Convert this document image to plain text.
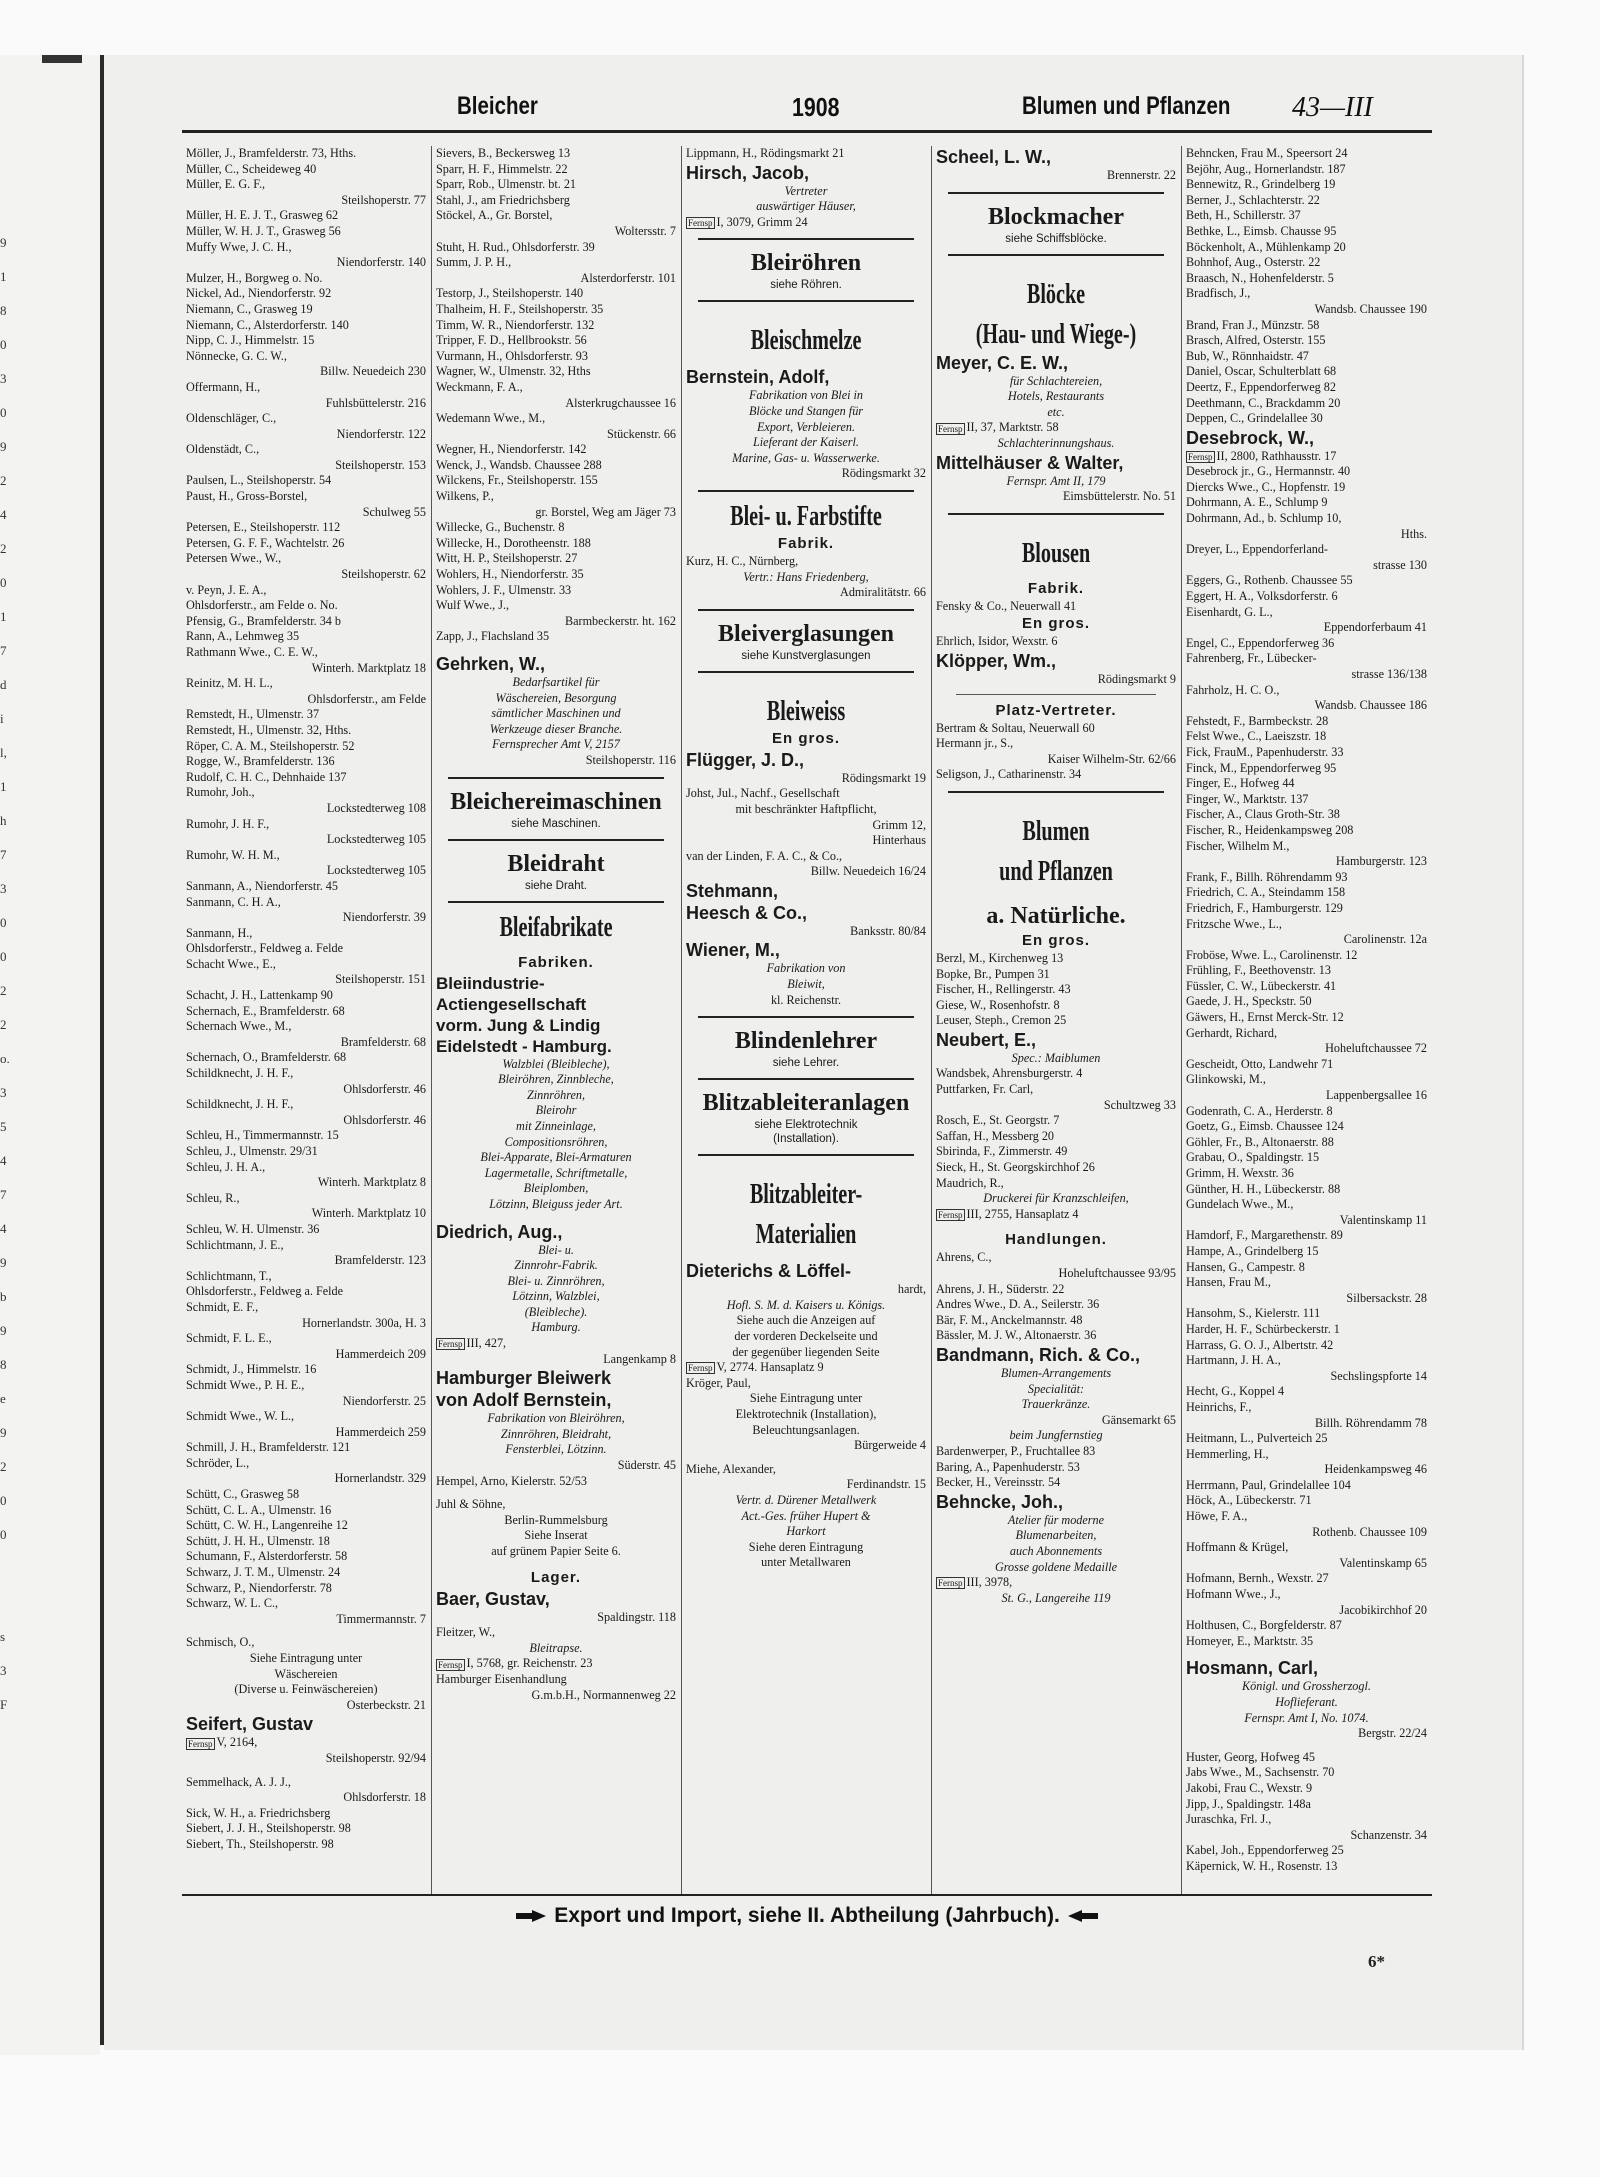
9
1
8
0
3
0
9
2
4
2
0
1
7
d
i
l,
1
h
7
3
0
0
2
2
o.
3
5
4
7
4
9
b
9
8
e
9
2
0
0
s
3
F
Bleicher	1908	Blumen und Pflanzen 43—III
Möller, J., Bramfelderstr. 73, Hths.
Müller, C., Scheideweg 40
Müller, E. G. F.,
Steilshoperstr. 77
Müller, H. E. J. T., Grasweg 62
Müller, W. H. J. T., Grasweg 56
Muffy Wwe, J. C. H.,
Niendorferstr. 140
Mulzer, H., Borgweg o. No.
Nickel, Ad., Niendorferstr. 92
Niemann, C., Grasweg 19
Niemann, C., Alsterdorferstr. 140
Nipp, C. J., Himmelstr. 15
Nönnecke, G. C. W.,
Billw. Neuedeich 230
Offermann, H.,
Fuhlsbüttelerstr. 216
Oldenschläger, C.,
Niendorferstr. 122
Oldenstädt, C.,
Steilshoperstr. 153
Paulsen, L., Steilshoperstr. 54
Paust, H., Gross-Borstel,
Schulweg 55
Petersen, E., Steilshoperstr. 112
Petersen, G. F. F., Wachtelstr. 26
Petersen Wwe., W.,
Steilshoperstr. 62
v. Peyn, J. E. A.,
Ohlsdorferstr., am Felde o. No.
Pfensig, G., Bramfelderstr. 34 b
Rann, A., Lehmweg 35
Rathmann Wwe., C. E. W.,
Winterh. Marktplatz 18
Reinitz, M. H. L.,
Ohlsdorferstr., am Felde
Remstedt, H., Ulmenstr. 37
Remstedt, H., Ulmenstr. 32, Hths.
Röper, C. A. M., Steilshoperstr. 52
Rogge, W., Bramfelderstr. 136
Rudolf, C. H. C., Dehnhaide 137
Rumohr, Joh.,
Lockstedterweg 108
Rumohr, J. H. F.,
Lockstedterweg 105
Rumohr, W. H. M.,
Lockstedterweg 105
Sanmann, A., Niendorferstr. 45
Sanmann, C. H. A.,
Niendorferstr. 39
Sanmann, H.,
Ohlsdorferstr., Feldweg a. Felde
Schacht Wwe., E.,
Steilshoperstr. 151
Schacht, J. H., Lattenkamp 90
Schernach, E., Bramfelderstr. 68
Schernach Wwe., M.,
Bramfelderstr. 68
Schernach, O., Bramfelderstr. 68
Schildknecht, J. H. F.,
Ohlsdorferstr. 46
Schildknecht, J. H. F.,
Ohlsdorferstr. 46
Schleu, H., Timmermannstr. 15
Schleu, J., Ulmenstr. 29/31
Schleu, J. H. A.,
Winterh. Marktplatz 8
Schleu, R.,
Winterh. Marktplatz 10
Schleu, W. H. Ulmenstr. 36
Schlichtmann, J. E.,
Bramfelderstr. 123
Schlichtmann, T.,
Ohlsdorferstr., Feldweg a. Felde
Schmidt, E. F.,
Hornerlandstr. 300a, H. 3
Schmidt, F. L. E.,
Hammerdeich 209
Schmidt, J., Himmelstr. 16
Schmidt Wwe., P. H. E.,
Niendorferstr. 25
Schmidt Wwe., W. L.,
Hammerdeich 259
Schmill, J. H., Bramfelderstr. 121
Schröder, L.,
Hornerlandstr. 329
Schütt, C., Grasweg 58
Schütt, C. L. A., Ulmenstr. 16
Schütt, C. W. H., Langenreihe 12
Schütt, J. H. H., Ulmenstr. 18
Schumann, F., Alsterdorferstr. 58
Schwarz, J. T. M., Ulmenstr. 24
Schwarz, P., Niendorferstr. 78
Schwarz, W. L. C.,
Timmermannstr. 7
Schmisch, O.,
Siehe Eintragung unter
Wäschereien
(Diverse u. Feinwäschereien)
Osterbeckstr. 21
Seifert, Gustav
Fernsp V, 2164,
Steilshoperstr. 92/94
Semmelhack, A. J. J.,
Ohlsdorferstr. 18
Sick, W. H., a. Friedrichsberg
Siebert, J. J. H., Steilshoperstr. 98
Siebert, Th., Steilshoperstr. 98
Sievers, B., Beckersweg 13
Sparr, H. F., Himmelstr. 22
Sparr, Rob., Ulmenstr. bt. 21
Stahl, J., am Friedrichsberg
Stöckel, A., Gr. Borstel,
Woltersstr. 7
Stuht, H. Rud., Ohlsdorferstr. 39
Summ, J. P. H.,
Alsterdorferstr. 101
Testorp, J., Steilshoperstr. 140
Thalheim, H. F., Steilshoperstr. 35
Timm, W. R., Niendorferstr. 132
Tripper, F. D., Hellbrookstr. 56
Vurmann, H., Ohlsdorferstr. 93
Wagner, W., Ulmenstr. 32, Hths
Weckmann, F. A.,
Alsterkrugchaussee 16
Wedemann Wwe., M.,
Stückenstr. 66
Wegner, H., Niendorferstr. 142
Wenck, J., Wandsb. Chaussee 288
Wilckens, Fr., Steilshoperstr. 155
Wilkens, P.,
gr. Borstel, Weg am Jäger 73
Willecke, G., Buchenstr. 8
Willecke, H., Dorotheenstr. 188
Witt, H. P., Steilshoperstr. 27
Wohlers, H., Niendorferstr. 35
Wohlers, J. F., Ulmenstr. 33
Wulf Wwe., J.,
Barmbeckerstr. ht. 162
Zapp, J., Flachsland 35
Gehrken, W.,
Bedarfsartikel für
Wäschereien, Besorgung
sämtlicher Maschinen und
Werkzeuge dieser Branche.
Fernsprecher Amt V, 2157
Steilshoperstr. 116
Bleichereimaschinen
siehe Maschinen.
Bleidraht
siehe Draht.
Bleifabrikate
Fabriken.
Bleiindustrie-
Actiengesellschaft
vorm. Jung & Lindig
Eidelstedt - Hamburg.
Walzblei (Bleibleche),
Bleiröhren, Zinnbleche,
Zinnröhren,
Bleirohr
mit Zinneinlage,
Compositionsröhren,
Blei-Apparate, Blei-Armaturen
Lagermetalle, Schriftmetalle,
Bleiplomben,
Lötzinn, Bleiguss jeder Art.
Diedrich, Aug.,
Blei- u.
Zinnrohr-Fabrik.
Blei- u. Zinnröhren,
Lötzinn, Walzblei,
(Bleibleche).
Hamburg.
Fernsp III, 427,
Langenkamp 8
Hamburger Bleiwerk
von Adolf Bernstein,
Fabrikation von Bleiröhren,
Zinnröhren, Bleidraht,
Fensterblei, Lötzinn.
Süderstr. 45
Hempel, Arno, Kielerstr. 52/53
Juhl & Söhne,
Berlin-Rummelsburg
Siehe Inserat
auf grünem Papier Seite 6.
Lager.
Baer, Gustav,
Spaldingstr. 118
Fleitzer, W.,
Bleitrapse.
Fernsp I, 5768, gr. Reichenstr. 23
Hamburger Eisenhandlung
G.m.b.H., Normannenweg 22
Lippmann, H., Rödingsmarkt 21
Hirsch, Jacob,
Vertreter
auswärtiger Häuser,
Fernsp I, 3079, Grimm 24
Bleiröhren
siehe Röhren.
Bleischmelze
Bernstein, Adolf,
Fabrikation von Blei in
Blöcke und Stangen für
Export, Verbleieren.
Lieferant der Kaiserl.
Marine, Gas- u. Wasserwerke.
Rödingsmarkt 32
Blei- u. Farbstifte
Fabrik.
Kurz, H. C., Nürnberg,
Vertr.: Hans Friedenberg,
Admiralitätstr. 66
Bleiverglasungen
siehe Kunstverglasungen
Bleiweiss
En gros.
Flügger, J. D.,
Rödingsmarkt 19
Johst, Jul., Nachf., Gesellschaft
mit beschränkter Haftpflicht,
Grimm 12,
Hinterhaus
van der Linden, F. A. C., & Co.,
Billw. Neuedeich 16/24
Stehmann,
Heesch & Co.,
Banksstr. 80/84
Wiener, M.,
Fabrikation von
Bleiwit,
kl. Reichenstr.
Blindenlehrer
siehe Lehrer.
Blitzableiteranlagen
siehe Elektrotechnik
(Installation).
Blitzableiter-
Materialien
Dieterichs & Löffel-
hardt,
Hofl. S. M. d. Kaisers u. Königs.
Siehe auch die Anzeigen auf
der vorderen Deckelseite und
der gegenüber liegenden Seite
Fernsp V, 2774. Hansaplatz 9
Kröger, Paul,
Siehe Eintragung unter
Elektrotechnik (Installation),
Beleuchtungsanlagen.
Bürgerweide 4
Miehe, Alexander,
Ferdinandstr. 15
Vertr. d. Dürener Metallwerk
Act.-Ges. früher Hupert &
Harkort
Siehe deren Eintragung
unter Metallwaren
Scheel, L. W.,
Brennerstr. 22
Blockmacher
siehe Schiffsblöcke.
Blöcke
(Hau- und Wiege-)
Meyer, C. E. W.,
für Schlachtereien,
Hotels, Restaurants
etc.
Fernsp II, 37, Marktstr. 58
Schlachterinnungshaus.
Mittelhäuser & Walter,
Fernspr. Amt II, 179
Eimsbüttelerstr. No. 51
Blousen
Fabrik.
Fensky & Co., Neuerwall 41
En gros.
Ehrlich, Isidor, Wexstr. 6
Klöpper, Wm.,
Rödingsmarkt 9
Platz-Vertreter.
Bertram & Soltau, Neuerwall 60
Hermann jr., S.,
Kaiser Wilhelm-Str. 62/66
Seligson, J., Catharinenstr. 34
Blumen
und Pflanzen
a. Natürliche.
En gros.
Berzl, M., Kirchenweg 13
Bopke, Br., Pumpen 31
Fischer, H., Rellingerstr. 43
Giese, W., Rosenhofstr. 8
Leuser, Steph., Cremon 25
Neubert, E.,
Spec.: Maiblumen
Wandsbek, Ahrensburgerstr. 4
Puttfarken, Fr. Carl,
Schultzweg 33
Rosch, E., St. Georgstr. 7
Saffan, H., Messberg 20
Sbirinda, F., Zimmerstr. 49
Sieck, H., St. Georgskirchhof 26
Maudrich, R.,
Druckerei für Kranzschleifen,
Fernsp III, 2755, Hansaplatz 4
Handlungen.
Ahrens, C.,
Hoheluftchaussee 93/95
Ahrens, J. H., Süderstr. 22
Andres Wwe., D. A., Seilerstr. 36
Bär, F. M., Anckelmannstr. 48
Bässler, M. J. W., Altonaerstr. 36
Bandmann, Rich. & Co.,
Blumen-Arrangements
Specialität:
Trauerkränze.
Gänsemarkt 65
beim Jungfernstieg
Bardenwerper, P., Fruchtallee 83
Baring, A., Papenhuderstr. 53
Becker, H., Vereinsstr. 54
Behncke, Joh.,
Atelier für moderne
Blumenarbeiten,
auch Abonnements
Grosse goldene Medaille
Fernsp III, 3978,
St. G., Langereihe 119
Behncken, Frau M., Speersort 24
Bejöhr, Aug., Hornerlandstr. 187
Bennewitz, R., Grindelberg 19
Berner, J., Schlachterstr. 22
Beth, H., Schillerstr. 37
Bethke, L., Eimsb. Chausse 95
Böckenholt, A., Mühlenkamp 20
Bohnhof, Aug., Osterstr. 22
Braasch, N., Hohenfelderstr. 5
Bradfisch, J.,
Wandsb. Chaussee 190
Brand, Fran J., Münzstr. 58
Brasch, Alfred, Osterstr. 155
Bub, W., Rönnhaidstr. 47
Daniel, Oscar, Schulterblatt 68
Deertz, F., Eppendorferweg 82
Deethmann, C., Brackdamm 20
Deppen, C., Grindelallee 30
Desebrock, W.,
Fernsp II, 2800, Rathhausstr. 17
Desebrock jr., G., Hermannstr. 40
Diercks Wwe., C., Hopfenstr. 19
Dohrmann, A. E., Schlump 9
Dohrmann, Ad., b. Schlump 10,
Hths.
Dreyer, L., Eppendorferland-
strasse 130
Eggers, G., Rothenb. Chaussee 55
Eggert, H. A., Volksdorferstr. 6
Eisenhardt, G. L.,
Eppendorferbaum 41
Engel, C., Eppendorferweg 36
Fahrenberg, Fr., Lübecker-
strasse 136/138
Fahrholz, H. C. O.,
Wandsb. Chaussee 186
Fehstedt, F., Barmbeckstr. 28
Felst Wwe., C., Laeiszstr. 18
Fick, FrauM., Papenhuderstr. 33
Finck, M., Eppendorferweg 95
Finger, E., Hofweg 44
Finger, W., Marktstr. 137
Fischer, A., Claus Groth-Str. 38
Fischer, R., Heidenkampsweg 208
Fischer, Wilhelm M.,
Hamburgerstr. 123
Frank, F., Billh. Röhrendamm 93
Friedrich, C. A., Steindamm 158
Friedrich, F., Hamburgerstr. 129
Fritzsche Wwe., L.,
Carolinenstr. 12a
Froböse, Wwe. L., Carolinenstr. 12
Frühling, F., Beethovenstr. 13
Füssler, C. W., Lübeckerstr. 41
Gaede, J. H., Speckstr. 50
Gäwers, H., Ernst Merck-Str. 12
Gerhardt, Richard,
Hoheluftchaussee 72
Gescheidt, Otto, Landwehr 71
Glinkowski, M.,
Lappenbergsallee 16
Godenrath, C. A., Herderstr. 8
Goetz, G., Eimsb. Chaussee 124
Göhler, Fr., B., Altonaerstr. 88
Grabau, O., Spaldingstr. 15
Grimm, H. Wexstr. 36
Günther, H. H., Lübeckerstr. 88
Gundelach Wwe., M.,
Valentinskamp 11
Hamdorf, F., Margarethenstr. 89
Hampe, A., Grindelberg 15
Hansen, G., Campestr. 8
Hansen, Frau M.,
Silbersackstr. 28
Hansohm, S., Kielerstr. 111
Harder, H. F., Schürbeckerstr. 1
Harrass, G. O. J., Albertstr. 42
Hartmann, J. H. A.,
Sechslingspforte 14
Hecht, G., Koppel 4
Heinrichs, F.,
Billh. Röhrendamm 78
Heitmann, L., Pulverteich 25
Hemmerling, H.,
Heidenkampsweg 46
Herrmann, Paul, Grindelallee 104
Höck, A., Lübeckerstr. 71
Höwe, F. A.,
Rothenb. Chaussee 109
Hoffmann & Krügel,
Valentinskamp 65
Hofmann, Bernh., Wexstr. 27
Hofmann Wwe., J.,
Jacobikirchhof 20
Holthusen, C., Borgfelderstr. 87
Homeyer, E., Marktstr. 35
Hosmann, Carl,
Königl. und Grossherzogl.
Hoflieferant.
Fernspr. Amt I, No. 1074.
Bergstr. 22/24
Huster, Georg, Hofweg 45
Jabs Wwe., M., Sachsenstr. 70
Jakobi, Frau C., Wexstr. 9
Jipp, J., Spaldingstr. 148a
Juraschka, Frl. J.,
Schanzenstr. 34
Kabel, Joh., Eppendorferweg 25
Käpernick, W. H., Rosenstr. 13
Export und Import, siehe II. Abtheilung (Jahrbuch).
6*
